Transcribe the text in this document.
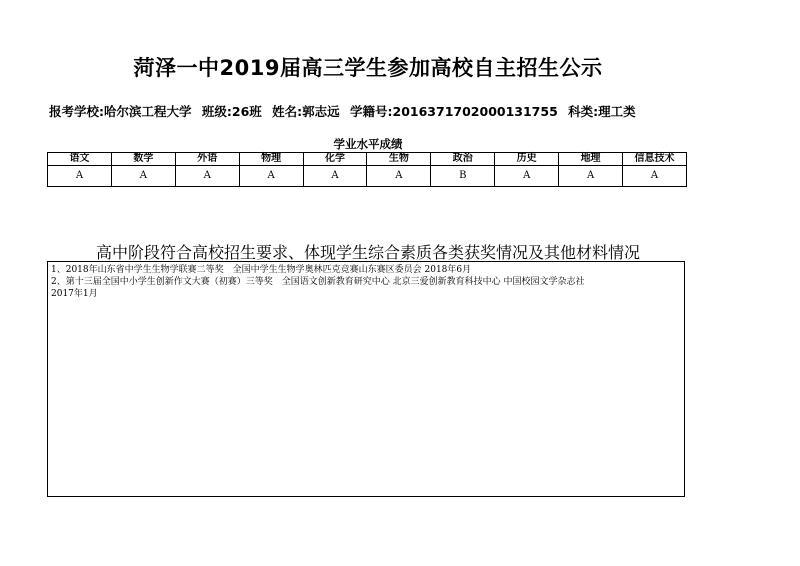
菏泽一中2019届高三学生参加高校自主招生公示
报考学校:哈尔滨工程大学 班级:26班 姓名:郭志远 学籍号:2016371702000131755 科类:理工类
学业水平成绩
语文	数学	外语	物理	化学	生物	政治	历史	地理	信息技术
A	A	A	A	A	A	B	A	A	A
高中阶段符合高校招生要求、体现学生综合素质各类获奖情况及其他材料情况
1、2018年山东省中学生生物学联赛二等奖　全国中学生生物学奥林匹克竞赛山东赛区委员会 2018年6月
2、第十三届全国中小学生创新作文大赛（初赛）三等奖　全国语文创新教育研究中心 北京三爱创新教育科技中心 中国校园文学杂志社
2017年1月
